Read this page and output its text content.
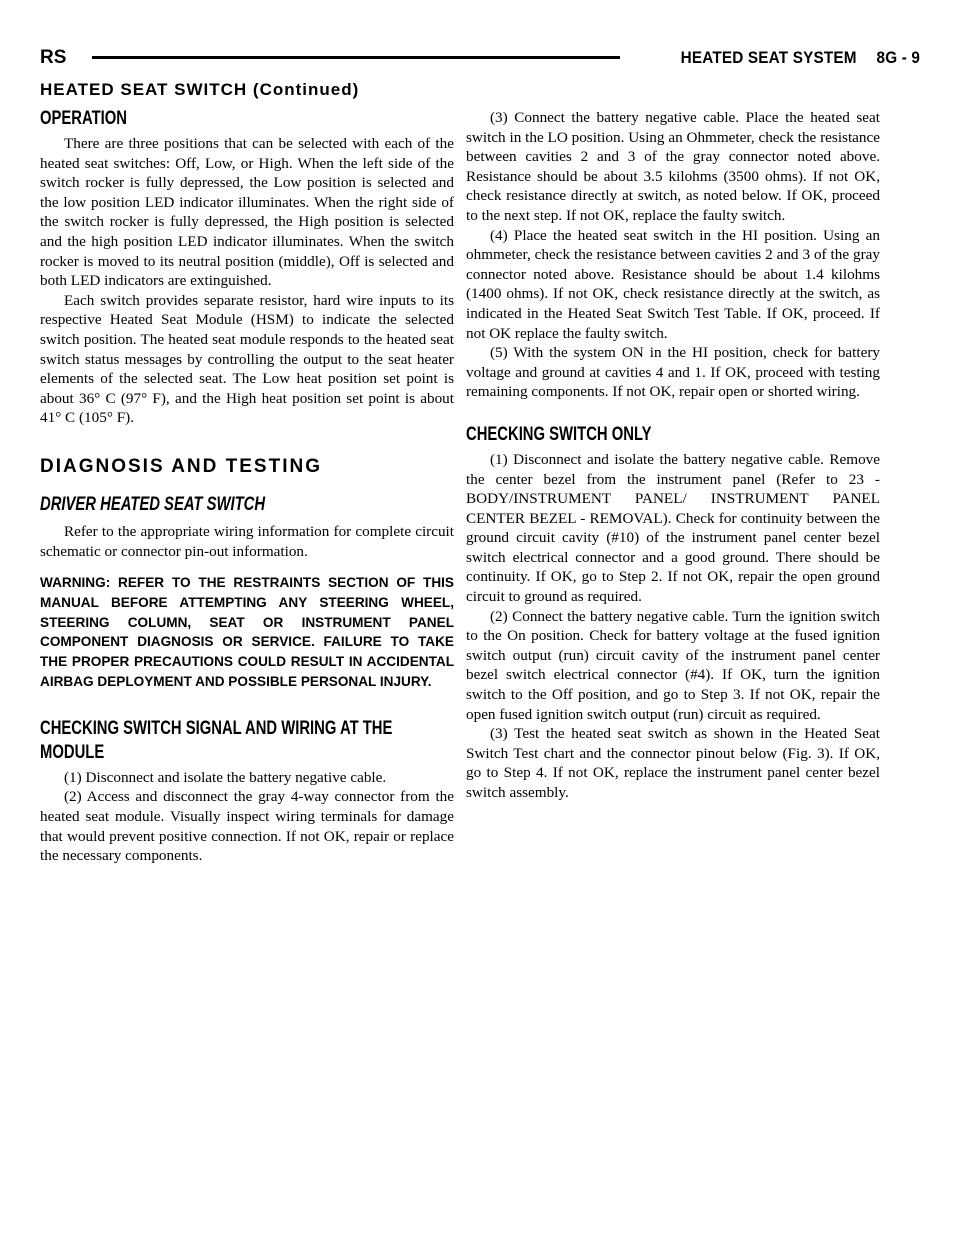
RS	HEATED SEAT SYSTEM 8G - 9
HEATED SEAT SWITCH (Continued)
OPERATION

There are three positions that can be selected with each of the heated seat switches: Off, Low, or High. When the left side of the switch rocker is fully depressed, the Low position is selected and the low position LED indicator illuminates. When the right side of the switch rocker is fully depressed, the High position is selected and the high position LED indicator illuminates. When the switch rocker is moved to its neutral position (middle), Off is selected and both LED indicators are extinguished.

Each switch provides separate resistor, hard wire inputs to its respective Heated Seat Module (HSM) to indicate the selected switch position. The heated seat module responds to the heated seat switch status messages by controlling the output to the seat heater elements of the selected seat. The Low heat position set point is about 36° C (97° F), and the High heat position set point is about 41° C (105° F).

DIAGNOSIS AND TESTING
DRIVER HEATED SEAT SWITCH

Refer to the appropriate wiring information for complete circuit schematic or connector pin-out information.

WARNING: REFER TO THE RESTRAINTS SECTION OF THIS MANUAL BEFORE ATTEMPTING ANY STEERING WHEEL, STEERING COLUMN, SEAT OR INSTRUMENT PANEL COMPONENT DIAGNOSIS OR SERVICE. FAILURE TO TAKE THE PROPER PRECAUTIONS COULD RESULT IN ACCIDENTAL AIRBAG DEPLOYMENT AND POSSIBLE PERSONAL INJURY.

CHECKING SWITCH SIGNAL AND WIRING AT THE
MODULE

(1) Disconnect and isolate the battery negative cable.

(2) Access and disconnect the gray 4-way connector from the heated seat module. Visually inspect wiring terminals for damage that would prevent positive connection. If not OK, repair or replace the necessary components.

(3) Connect the battery negative cable. Place the heated seat switch in the LO position. Using an Ohmmeter, check the resistance between cavities 2 and 3 of the gray connector noted above. Resistance should be about 3.5 kilohms (3500 ohms). If not OK, check resistance directly at switch, as noted below. If OK, proceed to the next step. If not OK, replace the faulty switch.

(4) Place the heated seat switch in the HI position. Using an ohmmeter, check the resistance between cavities 2 and 3 of the gray connector noted above. Resistance should be about 1.4 kilohms (1400 ohms). If not OK, check resistance directly at the switch, as indicated in the Heated Seat Switch Test Table. If OK, proceed. If not OK replace the faulty switch.

(5) With the system ON in the HI position, check for battery voltage and ground at cavities 4 and 1. If OK, proceed with testing remaining components. If not OK, repair open or shorted wiring.

CHECKING SWITCH ONLY

(1) Disconnect and isolate the battery negative cable. Remove the center bezel from the instrument panel (Refer to 23 - BODY/INSTRUMENT PANEL/ INSTRUMENT PANEL CENTER BEZEL - REMOVAL). Check for continuity between the ground circuit cavity (#10) of the instrument panel center bezel switch electrical connector and a good ground. There should be continuity. If OK, go to Step 2. If not OK, repair the open ground circuit to ground as required.

(2) Connect the battery negative cable. Turn the ignition switch to the On position. Check for battery voltage at the fused ignition switch output (run) circuit cavity of the instrument panel center bezel switch electrical connector (#4). If OK, turn the ignition switch to the Off position, and go to Step 3. If not OK, repair the open fused ignition switch output (run) circuit as required.

(3) Test the heated seat switch as shown in the Heated Seat Switch Test chart and the connector pinout below (Fig. 3). If OK, go to Step 4. If not OK, replace the instrument panel center bezel switch assembly.
